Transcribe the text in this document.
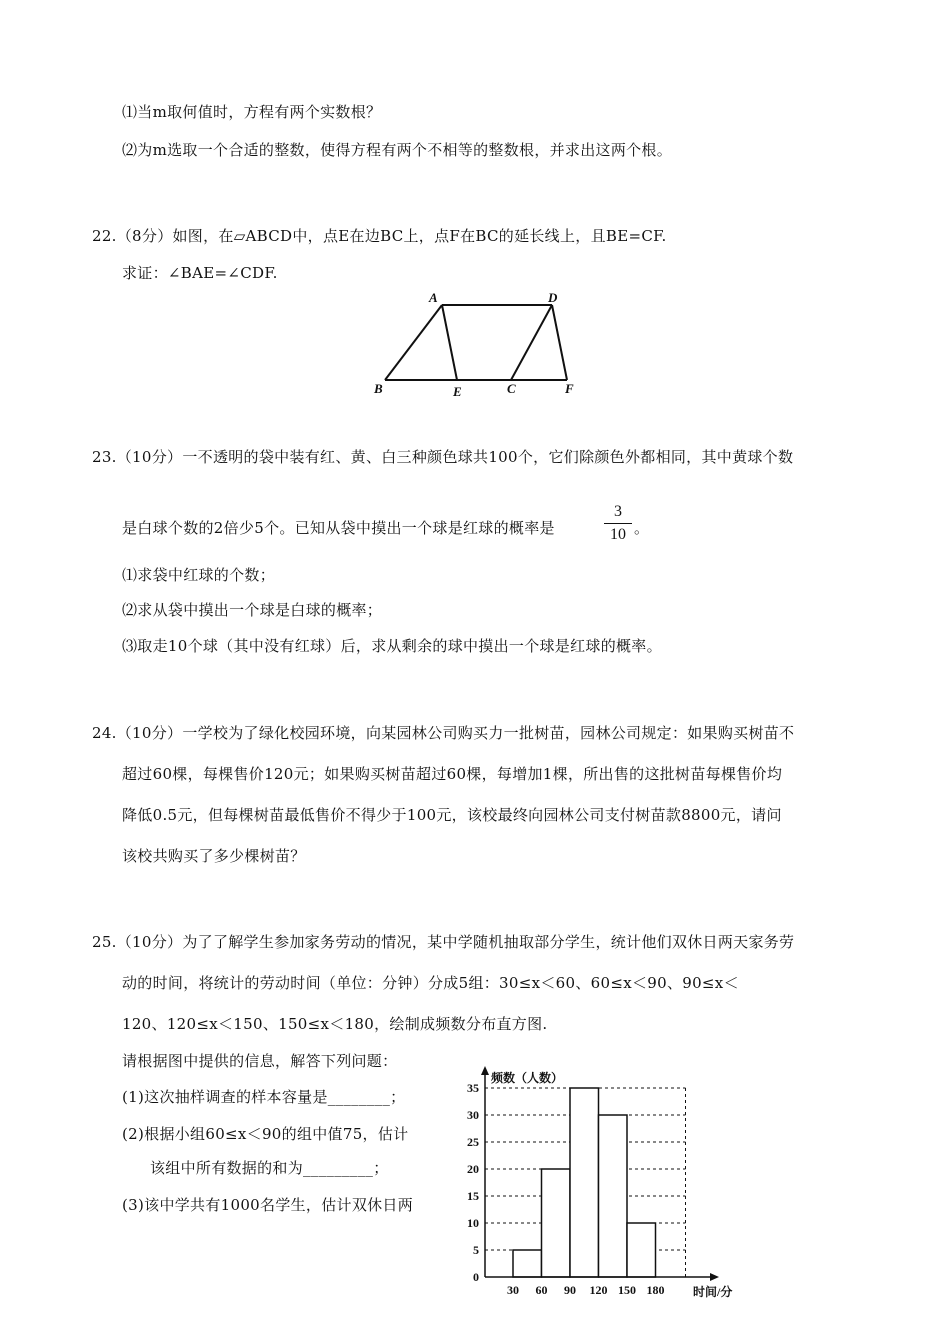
⑴当m取何值时，方程有两个实数根？
⑵为m选取一个合适的整数，使得方程有两个不相等的整数根，并求出这两个根。
22.（8分）如图，在▱ABCD中，点E在边BC上，点F在BC的延长线上，且BE=CF.
求证：∠BAE=∠CDF.
A	D
B	E	C	F
23.（10分）一不透明的袋中装有红、黄、白三种颜色球共100个，它们除颜色外都相同，其中黄球个数
是白球个数的2倍少5个。已知从袋中摸出一个球是红球的概率是
3
10 。
⑴求袋中红球的个数；
⑵求从袋中摸出一个球是白球的概率；
⑶取走10个球（其中没有红球）后，求从剩余的球中摸出一个球是红球的概率。
24.（10分）一学校为了绿化校园环境，向某园林公司购买力一批树苗，园林公司规定：如果购买树苗不
超过60棵，每棵售价120元；如果购买树苗超过60棵，每增加1棵，所出售的这批树苗每棵售价均
降低0.5元，但每棵树苗最低售价不得少于100元，该校最终向园林公司支付树苗款8800元，请问
该校共购买了多少棵树苗？
25.（10分）为了了解学生参加家务劳动的情况，某中学随机抽取部分学生，统计他们双休日两天家务劳
动的时间，将统计的劳动时间（单位：分钟）分成5组：30≤x＜60、60≤x＜90、90≤x＜
120、120≤x＜150、150≤x＜180，绘制成频数分布直方图.
请根据图中提供的信息，解答下列问题：
(1)这次抽样调查的样本容量是________；
(2)根据小组60≤x＜90的组中值75，估计
该组中所有数据的和为_________；
(3)该中学共有1000名学生，估计双休日两
0
5
10
15
20
25
30
35
30 60 90 120 150 180
频数（人数）
时间/分
